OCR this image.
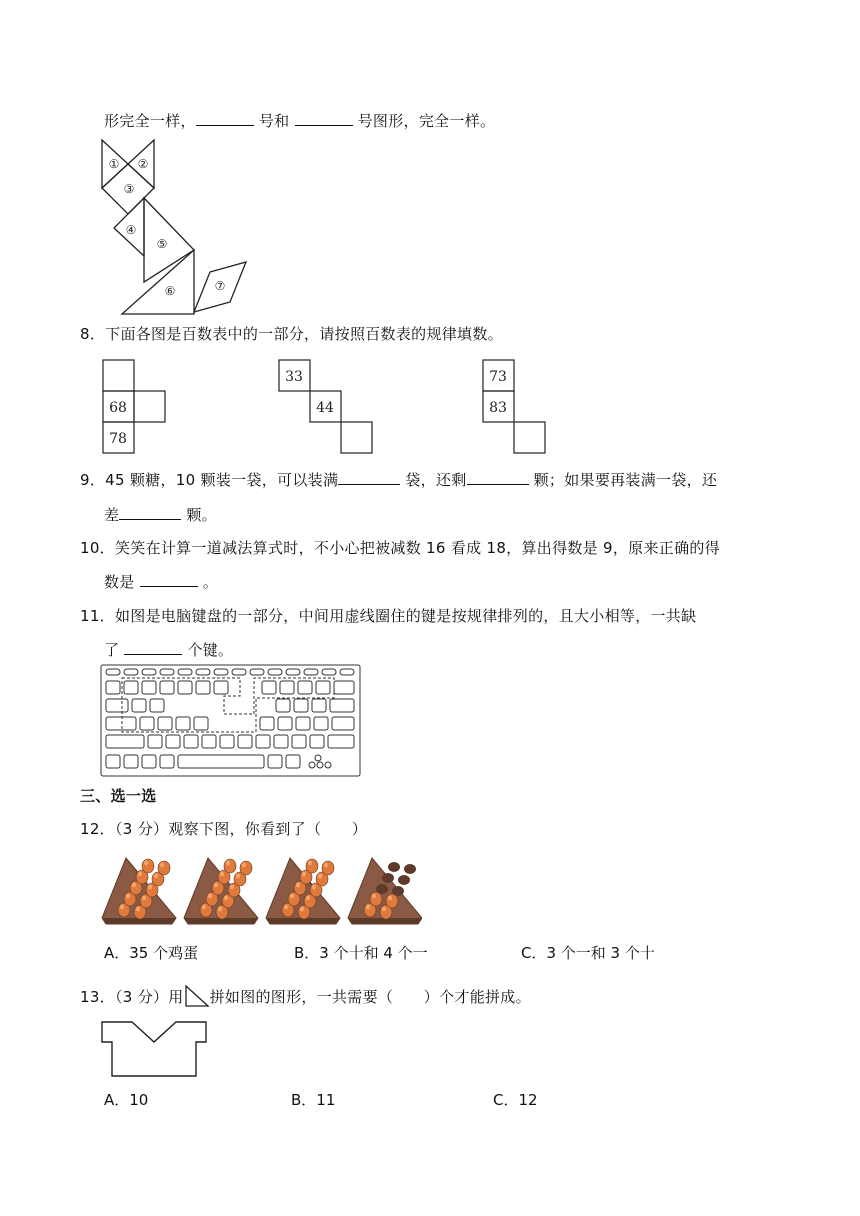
形完全一样，	号和	号图形，完全一样。
① ②
③
④
⑤
⑥	⑦
8．下面各图是百数表中的一部分，请按照百数表的规律填数。
68
78
33
44
73
83
9．45 颗糖，10 颗装一袋，可以装满	袋，还剩	颗；如果要再装满一袋，还
差	颗。
10．笑笑在计算一道减法算式时，不小心把被减数 16 看成 18，算出得数是 9，原来正确的得
数是	。
11．如图是电脑键盘的一部分，中间用虚线圈住的键是按规律排列的，且大小相等，一共缺
了	个键。
三、选一选
12．（3 分）观察下图，你看到了（　　）
A．35 个鸡蛋	B．3 个十和 4 个一	C．3 个一和 3 个十
13．（3 分）用 拼如图的图形，一共需要（　　）个才能拼成。
A．10	B．11	C．12
